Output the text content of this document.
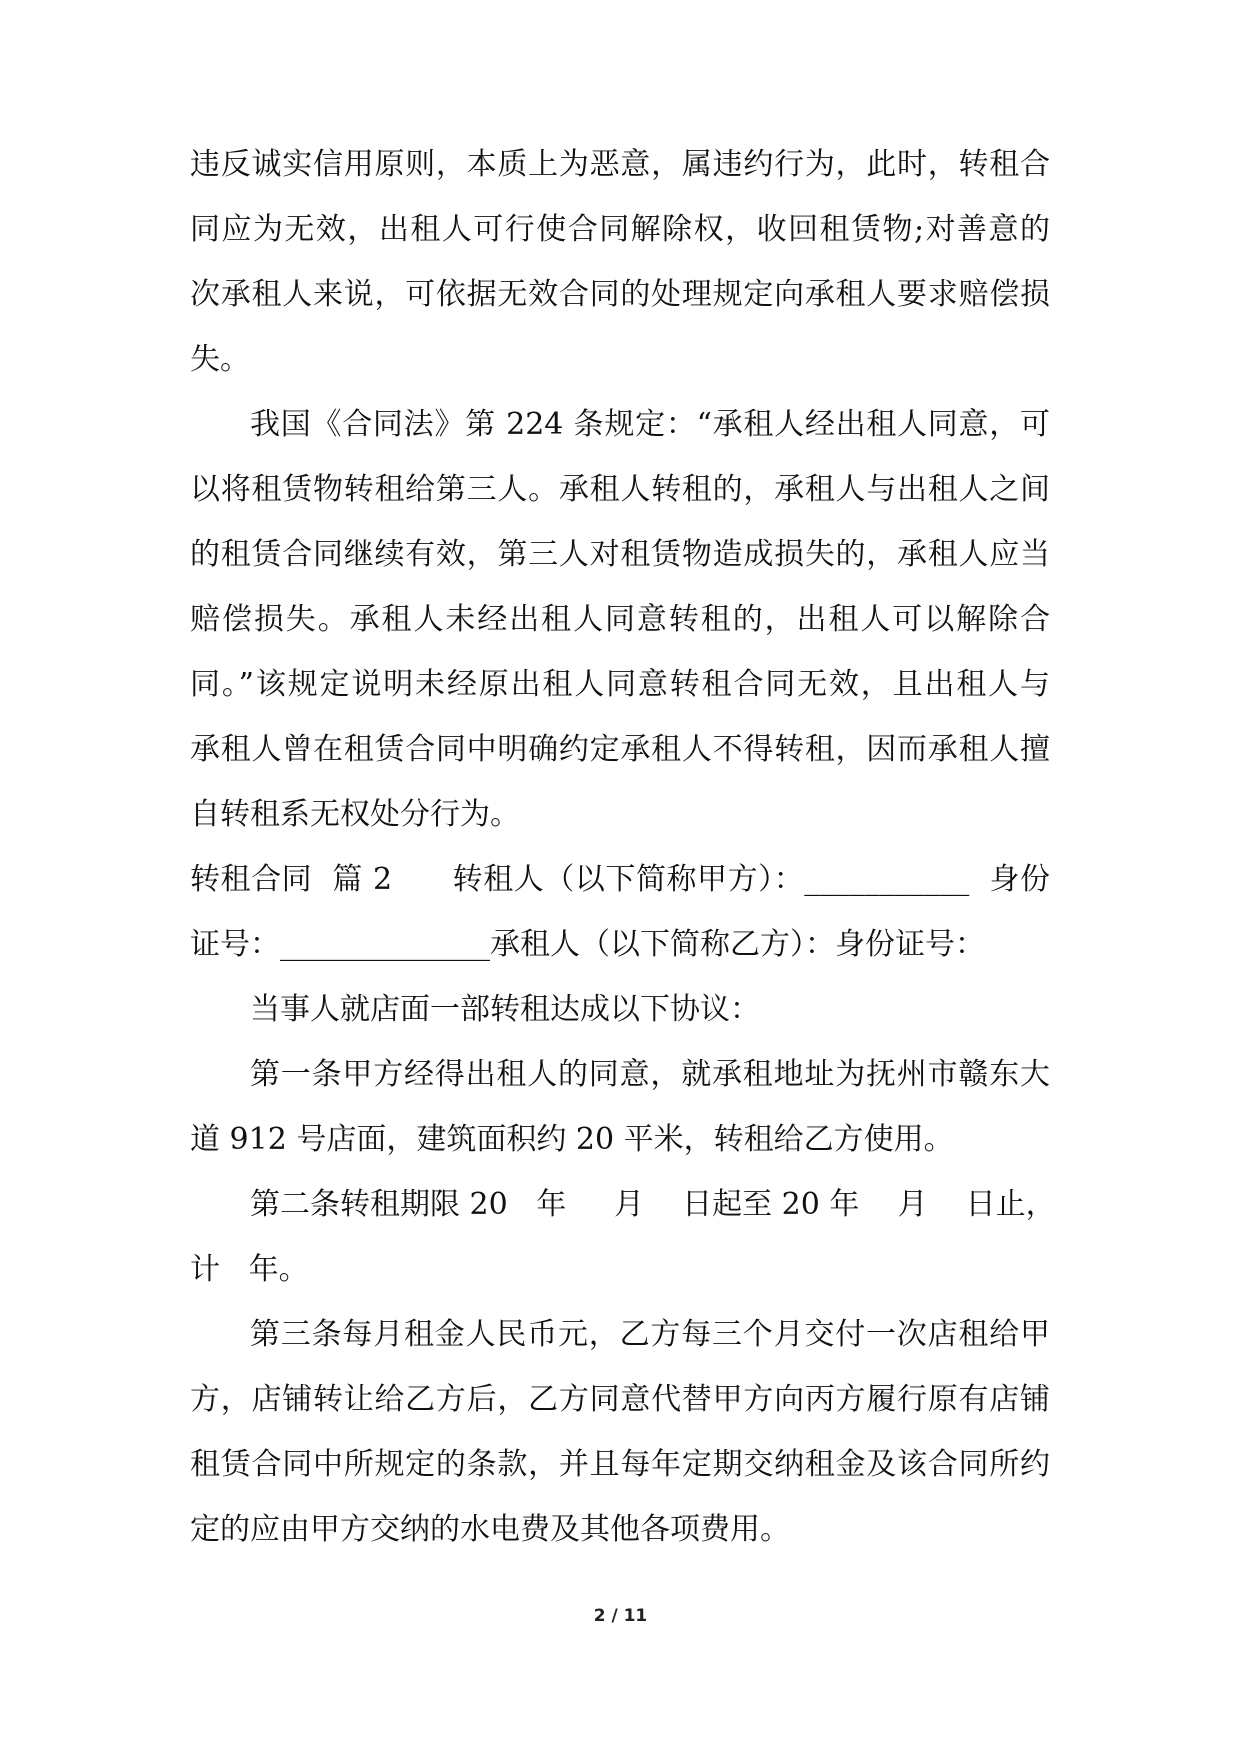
违反诚实信用原则，本质上为恶意，属违约行为，此时，转租合
同应为无效，出租人可行使合同解除权，收回租赁物;对善意的
次承租人来说，可依据无效合同的处理规定向承租人要求赔偿损
失。
我国《合同法》第 224 条规定：“承租人经出租人同意，可
以将租赁物转租给第三人。承租人转租的，承租人与出租人之间
的租赁合同继续有效，第三人对租赁物造成损失的，承租人应当
赔偿损失。承租人未经出租人同意转租的，出租人可以解除合
同。”该规定说明未经原出租人同意转租合同无效，且出租人与
承租人曾在租赁合同中明确约定承租人不得转租，因而承租人擅
自转租系无权处分行为。
转租合同  篇 2      转租人（以下简称甲方）：___________  身份
证号：______________承租人（以下简称乙方）：身份证号：
当事人就店面一部转租达成以下协议：
第一条甲方经得出租人的同意，就承租地址为抚州市赣东大
道 912 号店面，建筑面积约 20 平米，转租给乙方使用。
第二条转租期限 20   年     月    日起至 20 年    月    日止，
计   年。
第三条每月租金人民币元，乙方每三个月交付一次店租给甲
方，店铺转让给乙方后，乙方同意代替甲方向丙方履行原有店铺
租赁合同中所规定的条款，并且每年定期交纳租金及该合同所约
定的应由甲方交纳的水电费及其他各项费用。
2 / 11
